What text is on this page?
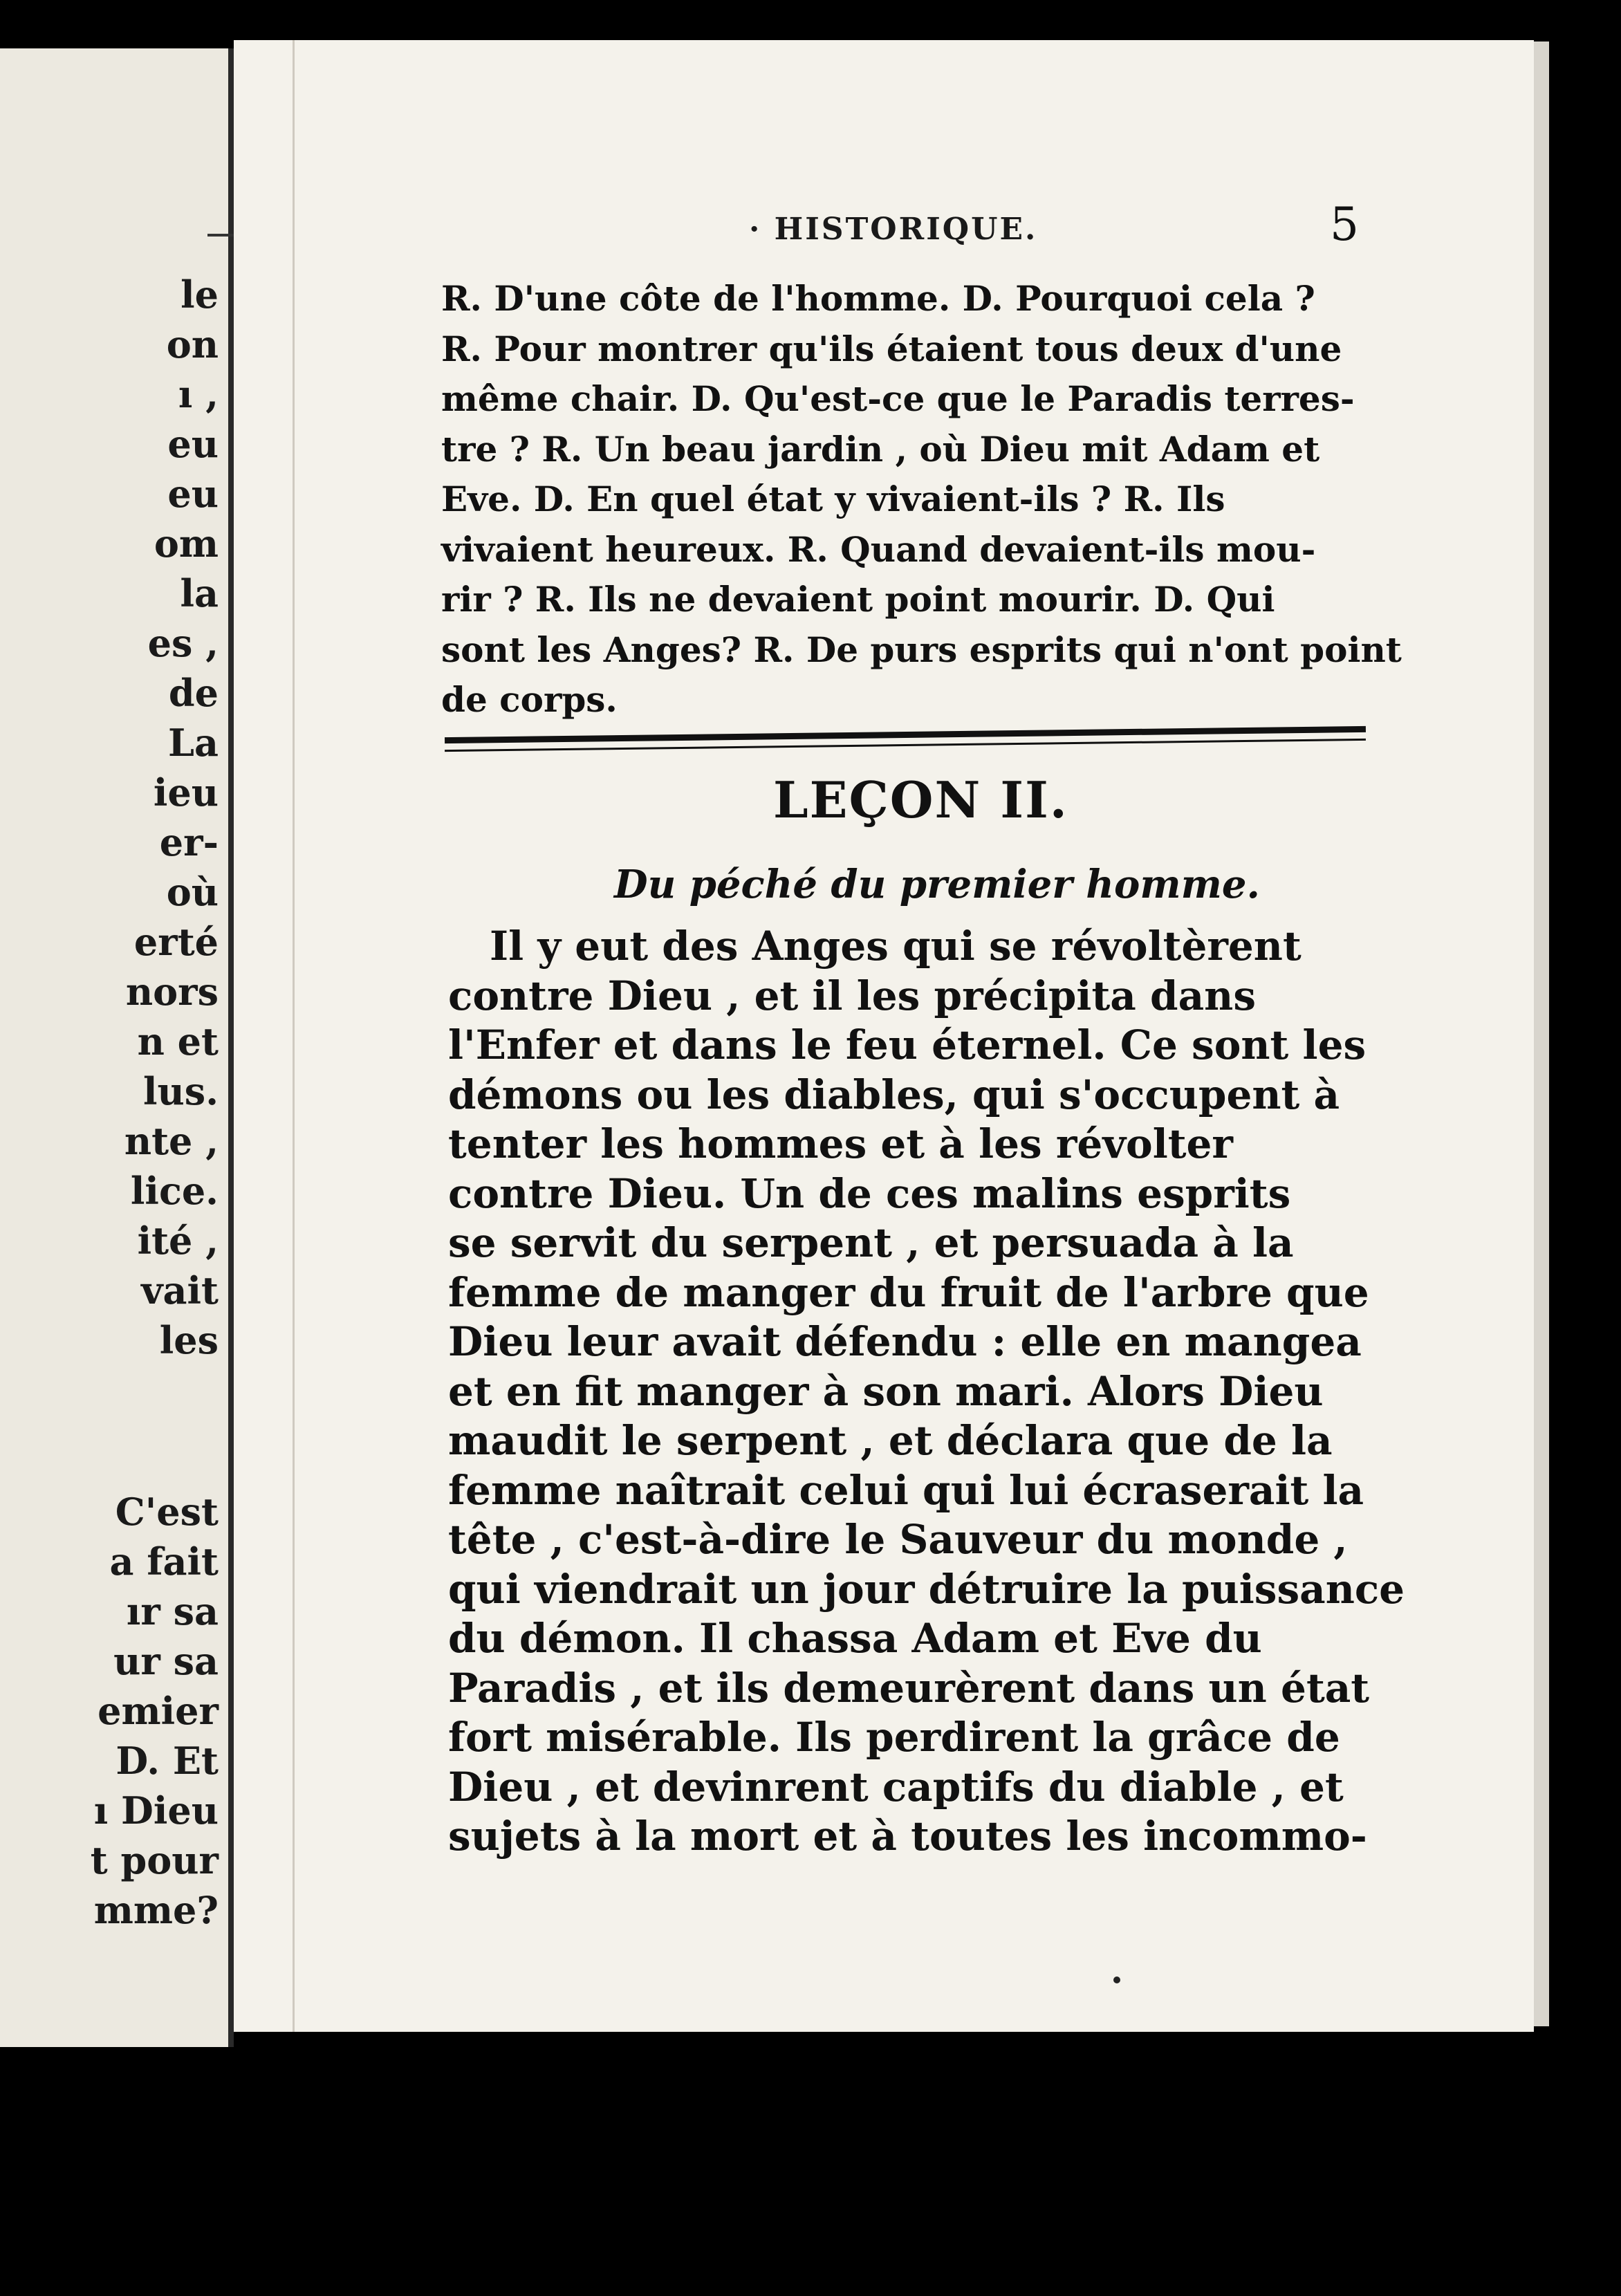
le
on
ı ,
eu
eu
om
la
es ,
de
La
ieu
er-
où
erté
nors
n et
lus.
nte ,
lice.
ité ,
vait
les
C'est
a fait
ır sa
ur sa
emier
D. Et
ı Dieu
t pour
mme?
· HISTORIQUE.	5
R. D'une côte de l'homme. D. Pourquoi cela ?
R. Pour montrer qu'ils étaient tous deux d'une
même chair. D. Qu'est-ce que le Paradis terres-
tre ? R. Un beau jardin , où Dieu mit Adam et
Eve. D. En quel état y vivaient-ils ? R. Ils
vivaient heureux. R. Quand devaient-ils mou-
rir ? R. Ils ne devaient point mourir. D. Qui
sont les Anges? R. De purs esprits qui n'ont point
de corps.
LEÇON II.
Du péché du premier homme.
Il y eut des Anges qui se révoltèrent
contre Dieu , et il les précipita dans
l'Enfer et dans le feu éternel. Ce sont les
démons ou les diables, qui s'occupent à
tenter les hommes et à les révolter
contre Dieu. Un de ces malins esprits
se servit du serpent , et persuada à la
femme de manger du fruit de l'arbre que
Dieu leur avait défendu : elle en mangea
et en fit manger à son mari. Alors Dieu
maudit le serpent , et déclara que de la
femme naîtrait celui qui lui écraserait la
tête , c'est-à-dire le Sauveur du monde ,
qui viendrait un jour détruire la puissance
du démon. Il chassa Adam et Eve du
Paradis , et ils demeurèrent dans un état
fort misérable. Ils perdirent la grâce de
Dieu , et devinrent captifs du diable , et
sujets à la mort et à toutes les incommo-
